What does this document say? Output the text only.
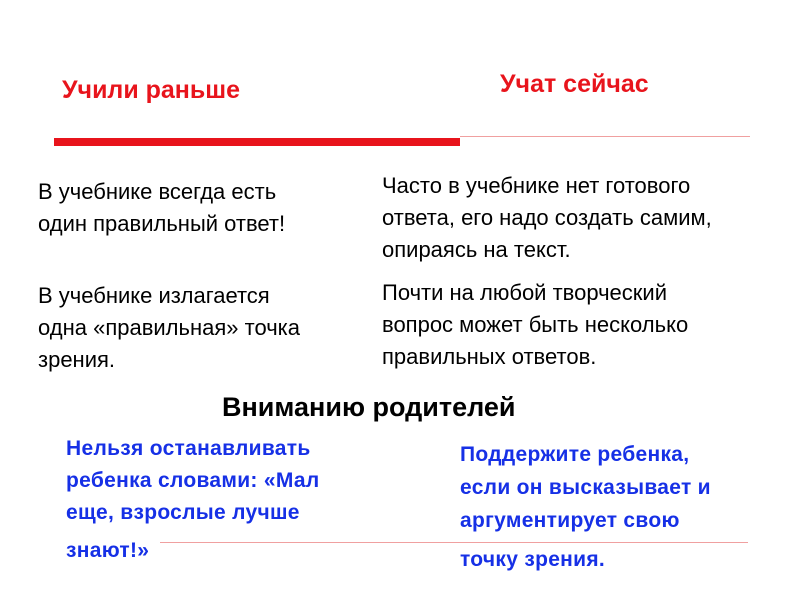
Учили раньше	Учат сейчас

В учебнике всегда есть

один правильный ответ!

В учебнике излагается

одна «правильная» точка

зрения.

Часто в учебнике нет готового

ответа, его надо создать самим,

опираясь на текст.

Почти на любой творческий

вопрос может быть несколько

правильных ответов.

Вниманию родителей

Нельзя останавливать

ребенка словами: «Мал

еще, взрослые лучше

знают!»

Поддержите ребенка,

если он высказывает и

аргументирует свою

точку зрения.
